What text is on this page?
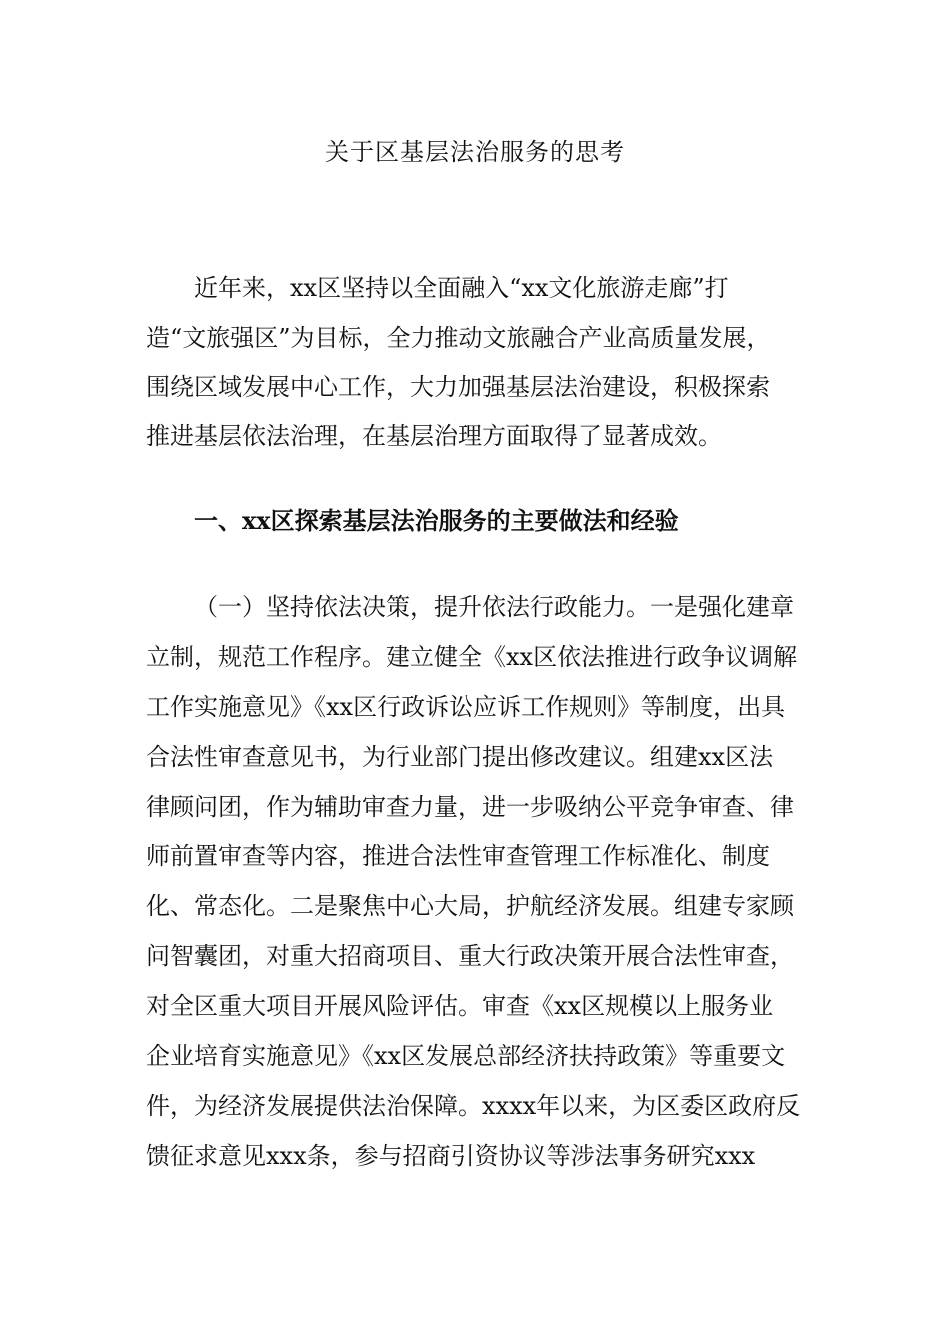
关于区基层法治服务的思考
近年来，xx区坚持以全面融入“xx文化旅游走廊”打
造“文旅强区”为目标，全力推动文旅融合产业高质量发展，
围绕区域发展中心工作，大力加强基层法治建设，积极探索
推进基层依法治理，在基层治理方面取得了显著成效。
一、xx区探索基层法治服务的主要做法和经验
（一）坚持依法决策，提升依法行政能力。一是强化建章
立制，规范工作程序。建立健全《xx区依法推进行政争议调解
工作实施意见》《xx区行政诉讼应诉工作规则》等制度，出具
合法性审查意见书，为行业部门提出修改建议。组建xx区法
律顾问团，作为辅助审查力量，进一步吸纳公平竞争审查、律
师前置审查等内容，推进合法性审查管理工作标准化、制度
化、常态化。二是聚焦中心大局，护航经济发展。组建专家顾
问智囊团，对重大招商项目、重大行政决策开展合法性审查，
对全区重大项目开展风险评估。审查《xx区规模以上服务业
企业培育实施意见》《xx区发展总部经济扶持政策》等重要文
件，为经济发展提供法治保障。xxxx年以来，为区委区政府反
馈征求意见xxx条，参与招商引资协议等涉法事务研究xxx
